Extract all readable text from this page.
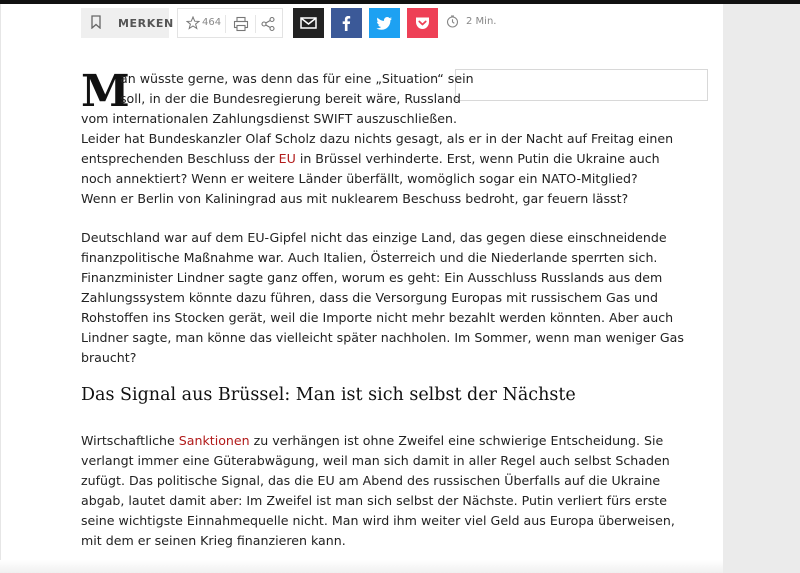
MERKEN	464	2 Min.
M
an wüsste gerne, was denn das für eine „Situation“ sein
soll, in der die Bundesregierung bereit wäre, Russland
vom internationalen Zahlungsdienst SWIFT auszuschließen.
Leider hat Bundeskanzler Olaf Scholz dazu nichts gesagt, als er in der Nacht auf Freitag einen
entsprechenden Beschluss der EU in Brüssel verhinderte. Erst, wenn Putin die Ukraine auch
noch annektiert? Wenn er weitere Länder überfällt, womöglich sogar ein NATO-Mitglied?
Wenn er Berlin von Kaliningrad aus mit nuklearem Beschuss bedroht, gar feuern lässt?
Deutschland war auf dem EU-Gipfel nicht das einzige Land, das gegen diese einschneidende
finanzpolitische Maßnahme war. Auch Italien, Österreich und die Niederlande sperrten sich.
Finanzminister Lindner sagte ganz offen, worum es geht: Ein Ausschluss Russlands aus dem
Zahlungssystem könnte dazu führen, dass die Versorgung Europas mit russischem Gas und
Rohstoffen ins Stocken gerät, weil die Importe nicht mehr bezahlt werden könnten. Aber auch
Lindner sagte, man könne das vielleicht später nachholen. Im Sommer, wenn man weniger Gas
braucht?
Das Signal aus Brüssel: Man ist sich selbst der Nächste
Wirtschaftliche Sanktionen zu verhängen ist ohne Zweifel eine schwierige Entscheidung. Sie
verlangt immer eine Güterabwägung, weil man sich damit in aller Regel auch selbst Schaden
zufügt. Das politische Signal, das die EU am Abend des russischen Überfalls auf die Ukraine
abgab, lautet damit aber: Im Zweifel ist man sich selbst der Nächste. Putin verliert fürs erste
seine wichtigste Einnahmequelle nicht. Man wird ihm weiter viel Geld aus Europa überweisen,
mit dem er seinen Krieg finanzieren kann.
